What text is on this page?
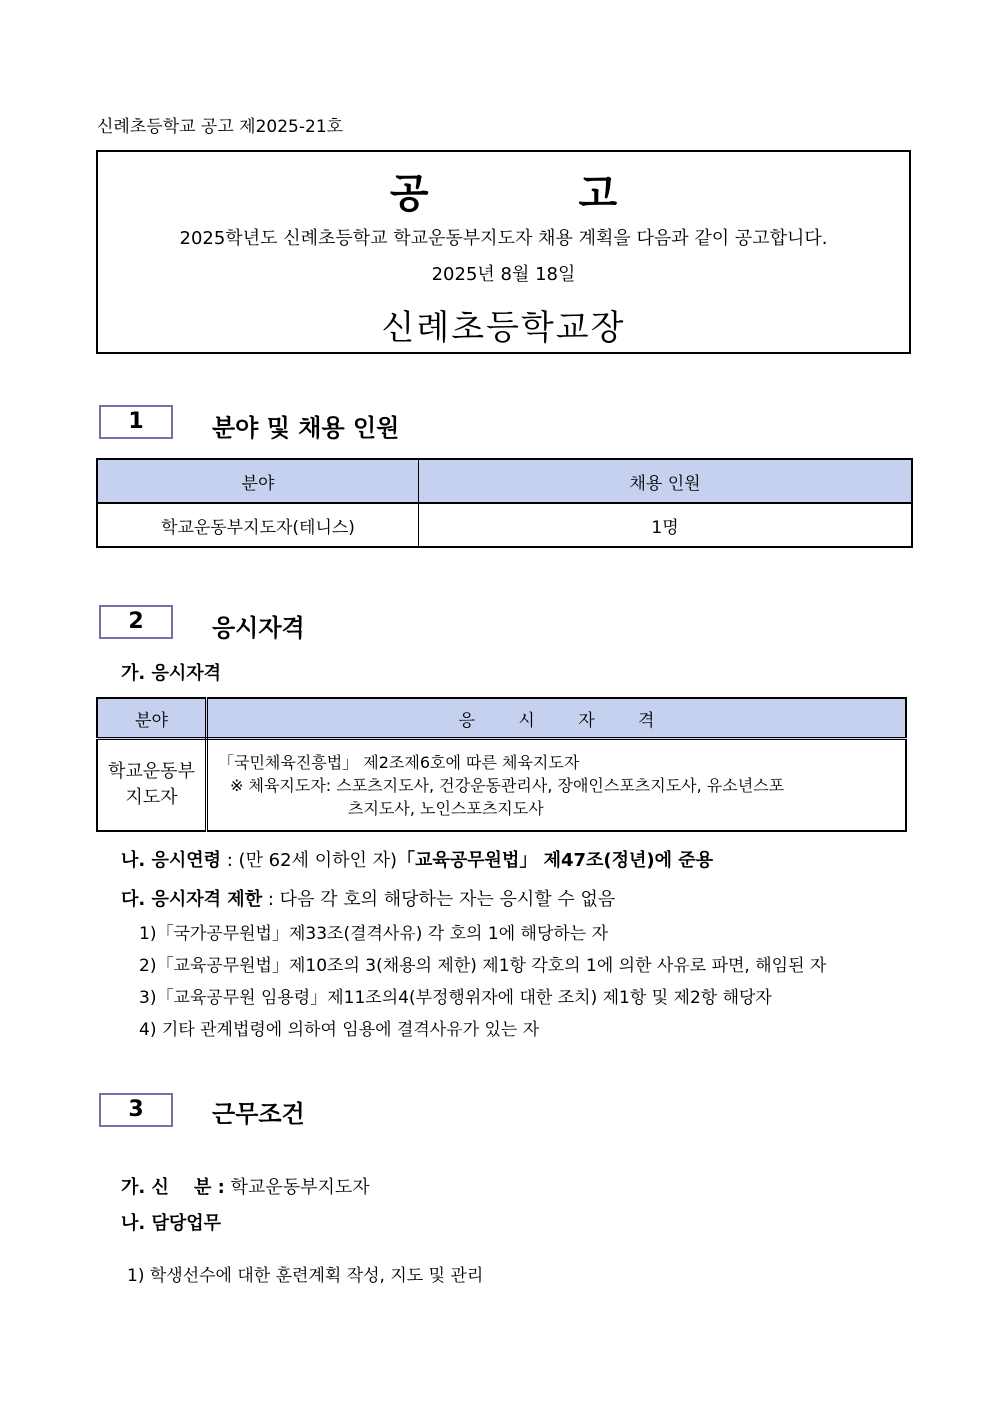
신례초등학교 공고 제2025-21호
공고
2025학년도 신례초등학교 학교운동부지도자 채용 계획을 다음과 같이 공고합니다.
2025년 8월 18일
신례초등학교장
1	분야 및 채용 인원
분야	채용 인원
학교운동부지도자(테니스)	1명
2	응시자격
가. 응시자격
분야	응 시 자 격

학교운동부지도자	「국민체육진흥법」 제2조제6호에 따른 체육지도자
※ 체육지도자: 스포츠지도사, 건강운동관리사, 장애인스포츠지도사, 유소년스포
츠지도사, 노인스포츠지도사
나. 응시연령 : (만 62세 이하인 자)「교육공무원법」 제47조(정년)에 준용
다. 응시자격 제한 : 다음 각 호의 해당하는 자는 응시할 수 없음
1)「국가공무원법」제33조(결격사유) 각 호의 1에 해당하는 자
2)「교육공무원법」제10조의 3(채용의 제한) 제1항 각호의 1에 의한 사유로 파면, 해임된 자
3)「교육공무원 임용령」제11조의4(부정행위자에 대한 조치) 제1항 및 제2항 해당자
4) 기타 관계법령에 의하여 임용에 결격사유가 있는 자
3	근무조건
가. 신    분 : 학교운동부지도자
나. 담당업무
1) 학생선수에 대한 훈련계획 작성, 지도 및 관리
